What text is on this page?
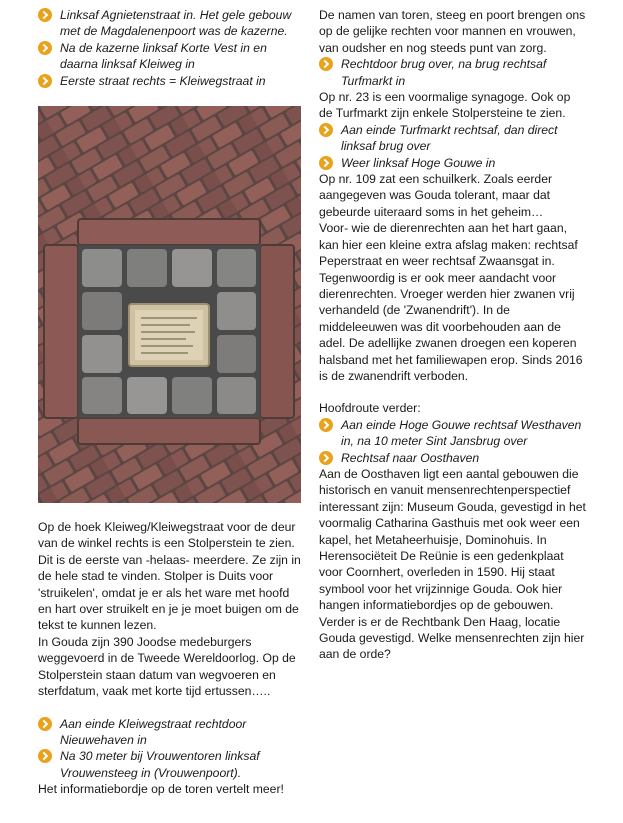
Linksaf Agnietenstraat in. Het gele gebouw met de Magdalenenpoort was de kazerne.
Na de kazerne linksaf Korte Vest in en daarna linksaf Kleiweg in
Eerste straat rechts = Kleiwegstraat in

Op de hoek Kleiweg/Kleiwegstraat voor de deur van de winkel rechts is een Stolperstein te zien. Dit is de eerste van -helaas- meerdere. Ze zijn in de hele stad te vinden. Stolper is Duits voor 'struikelen', omdat je er als het ware met hoofd en hart over struikelt en je je moet buigen om de tekst te kunnen lezen.

In Gouda zijn 390 Joodse medeburgers weggevoerd in de Tweede Wereldoorlog. Op de Stolperstein staan datum van wegvoeren en sterfdatum, vaak met korte tijd ertussen…..

Aan einde Kleiwegstraat rechtdoor Nieuwehaven in
Na 30 meter bij Vrouwentoren linksaf Vrouwensteeg in (Vrouwenpoort).

Het informatiebordje op de toren vertelt meer!

De namen van toren, steeg en poort brengen ons op de gelijke rechten voor mannen en vrouwen, van oudsher en nog steeds punt van zorg.

Rechtdoor brug over, na brug rechtsaf Turfmarkt in

Op nr. 23 is een voormalige synagoge. Ook op de Turfmarkt zijn enkele Stolpersteine te zien.

Aan einde Turfmarkt rechtsaf, dan direct linksaf brug over
Weer linksaf Hoge Gouwe in

Op nr. 109 zat een schuilkerk. Zoals eerder aangegeven was Gouda tolerant, maar dat gebeurde uiteraard soms in het geheim…

Voor- wie de dierenrechten aan het hart gaan, kan hier een kleine extra afslag maken: rechtsaf Peperstraat en weer rechtsaf Zwaansgat in. Tegenwoordig is er ook meer aandacht voor dierenrechten. Vroeger werden hier zwanen vrij verhandeld (de 'Zwanendrift'). In de middeleeuwen was dit voorbehouden aan de adel. De adellijke zwanen droegen een koperen halsband met het familiewapen erop. Sinds 2016 is de zwanendrift verboden.

Hoofdroute verder:

Aan einde Hoge Gouwe rechtsaf Westhaven in, na 10 meter Sint Jansbrug over
Rechtsaf naar Oosthaven

Aan de Oosthaven ligt een aantal gebouwen die historisch en vanuit mensenrechtenperspectief interessant zijn: Museum Gouda, gevestigd in het voormalig Catharina Gasthuis met ook weer een kapel, het Metaheerhuisje, Dominohuis. In Herensociëteit De Reünie is een gedenkplaat voor Coornhert, overleden in 1590. Hij staat symbool voor het vrijzinnige Gouda. Ook hier hangen informatiebordjes op de gebouwen. Verder is er de Rechtbank Den Haag, locatie Gouda gevestigd. Welke mensenrechten zijn hier aan de orde?
